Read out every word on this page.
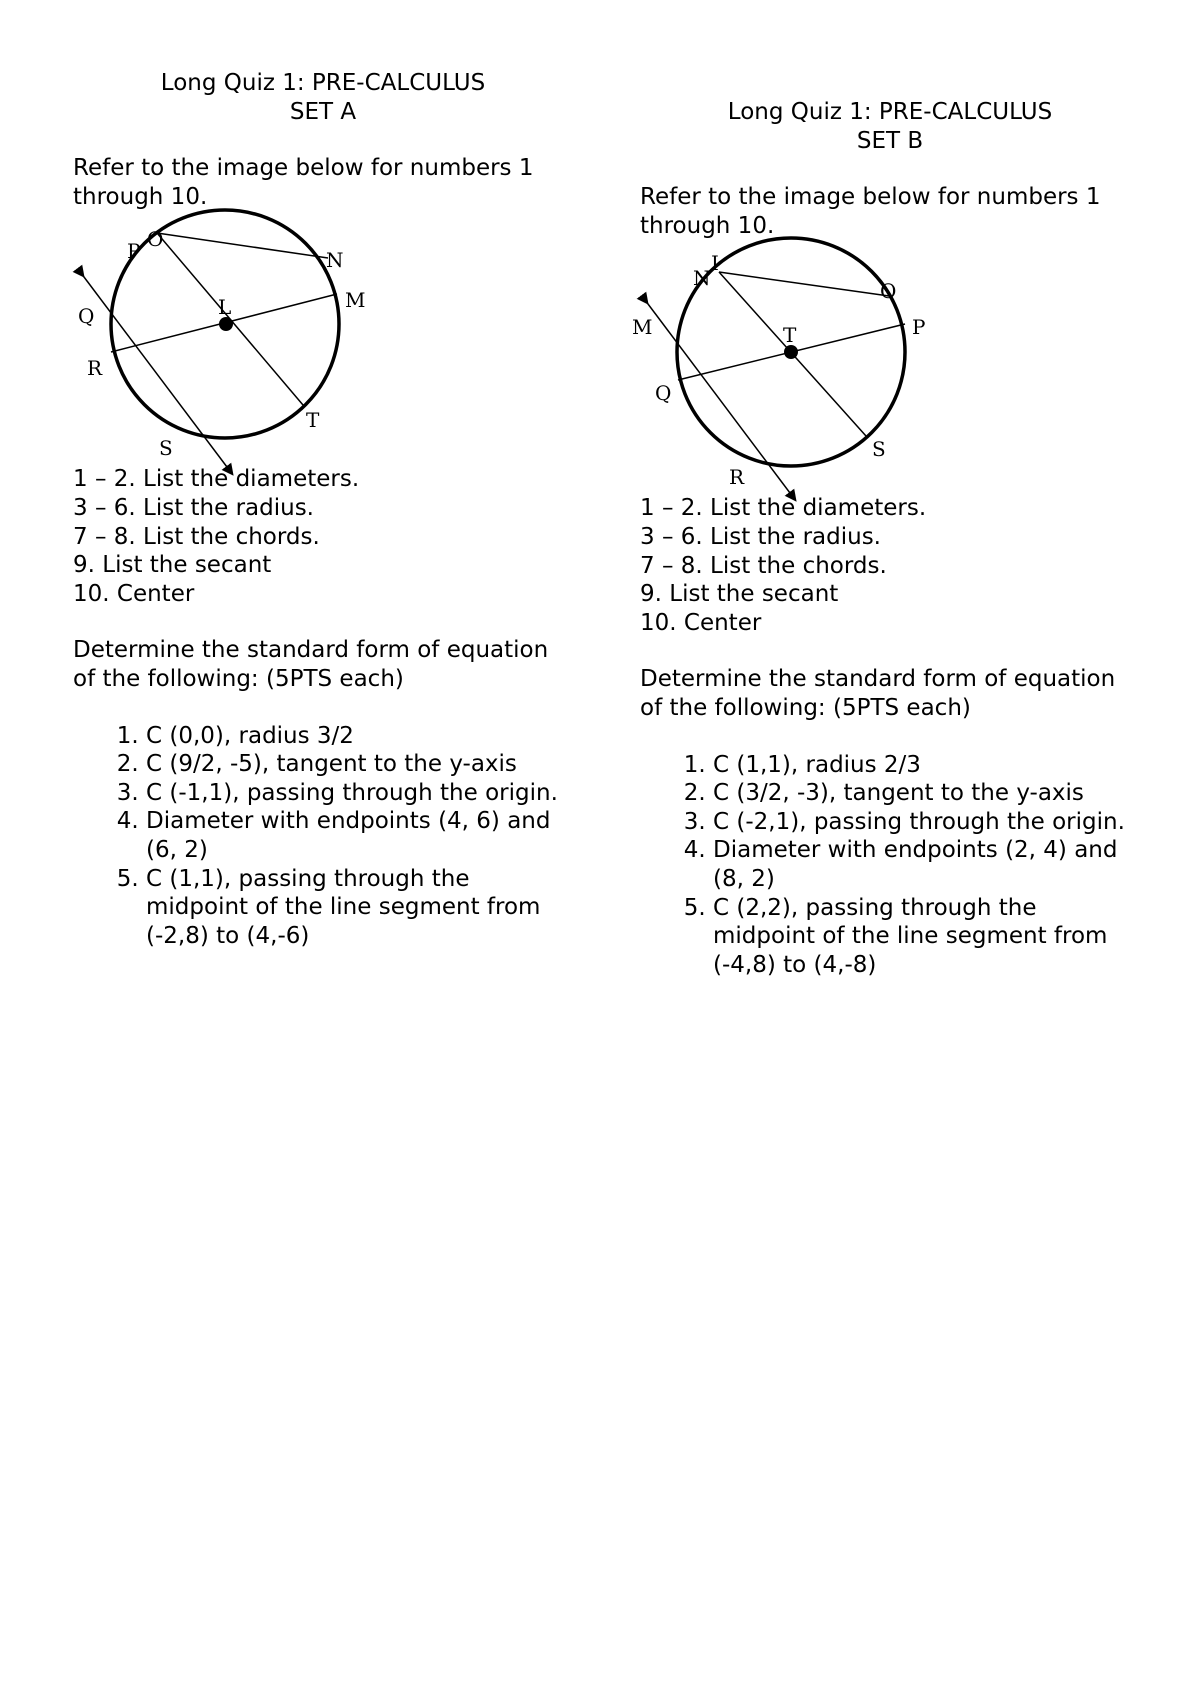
Long Quiz 1: PRE-CALCULUS
SET A
Refer to the image below for numbers 1 through 10.
P O
N
M
L
Q
R
T
S
1 – 2. List the diameters.
3 – 6. List the radius.
7 – 8. List the chords.
9. List the secant
10. Center
Determine the standard form of equation of the following: (5PTS each)
1. C (0,0), radius 3/2
2. C (9/2, -5), tangent to the y-axis
3. C (-1,1), passing through the origin.
4. Diameter with endpoints (4, 6) and (6, 2)
5. C (1,1), passing through the midpoint of the line segment from (-2,8) to (4,-6)
Long Quiz 1: PRE-CALCULUS
SET B
Refer to the image below for numbers 1 through 10.
I
N
O
M	T	P
Q
S
R
1 – 2. List the diameters.
3 – 6. List the radius.
7 – 8. List the chords.
9. List the secant
10. Center
Determine the standard form of equation of the following: (5PTS each)
1. C (1,1), radius 2/3
2. C (3/2, -3), tangent to the y-axis
3. C (-2,1), passing through the origin.
4. Diameter with endpoints (2, 4) and (8, 2)
5. C (2,2), passing through the midpoint of the line segment from (-4,8) to (4,-8)
